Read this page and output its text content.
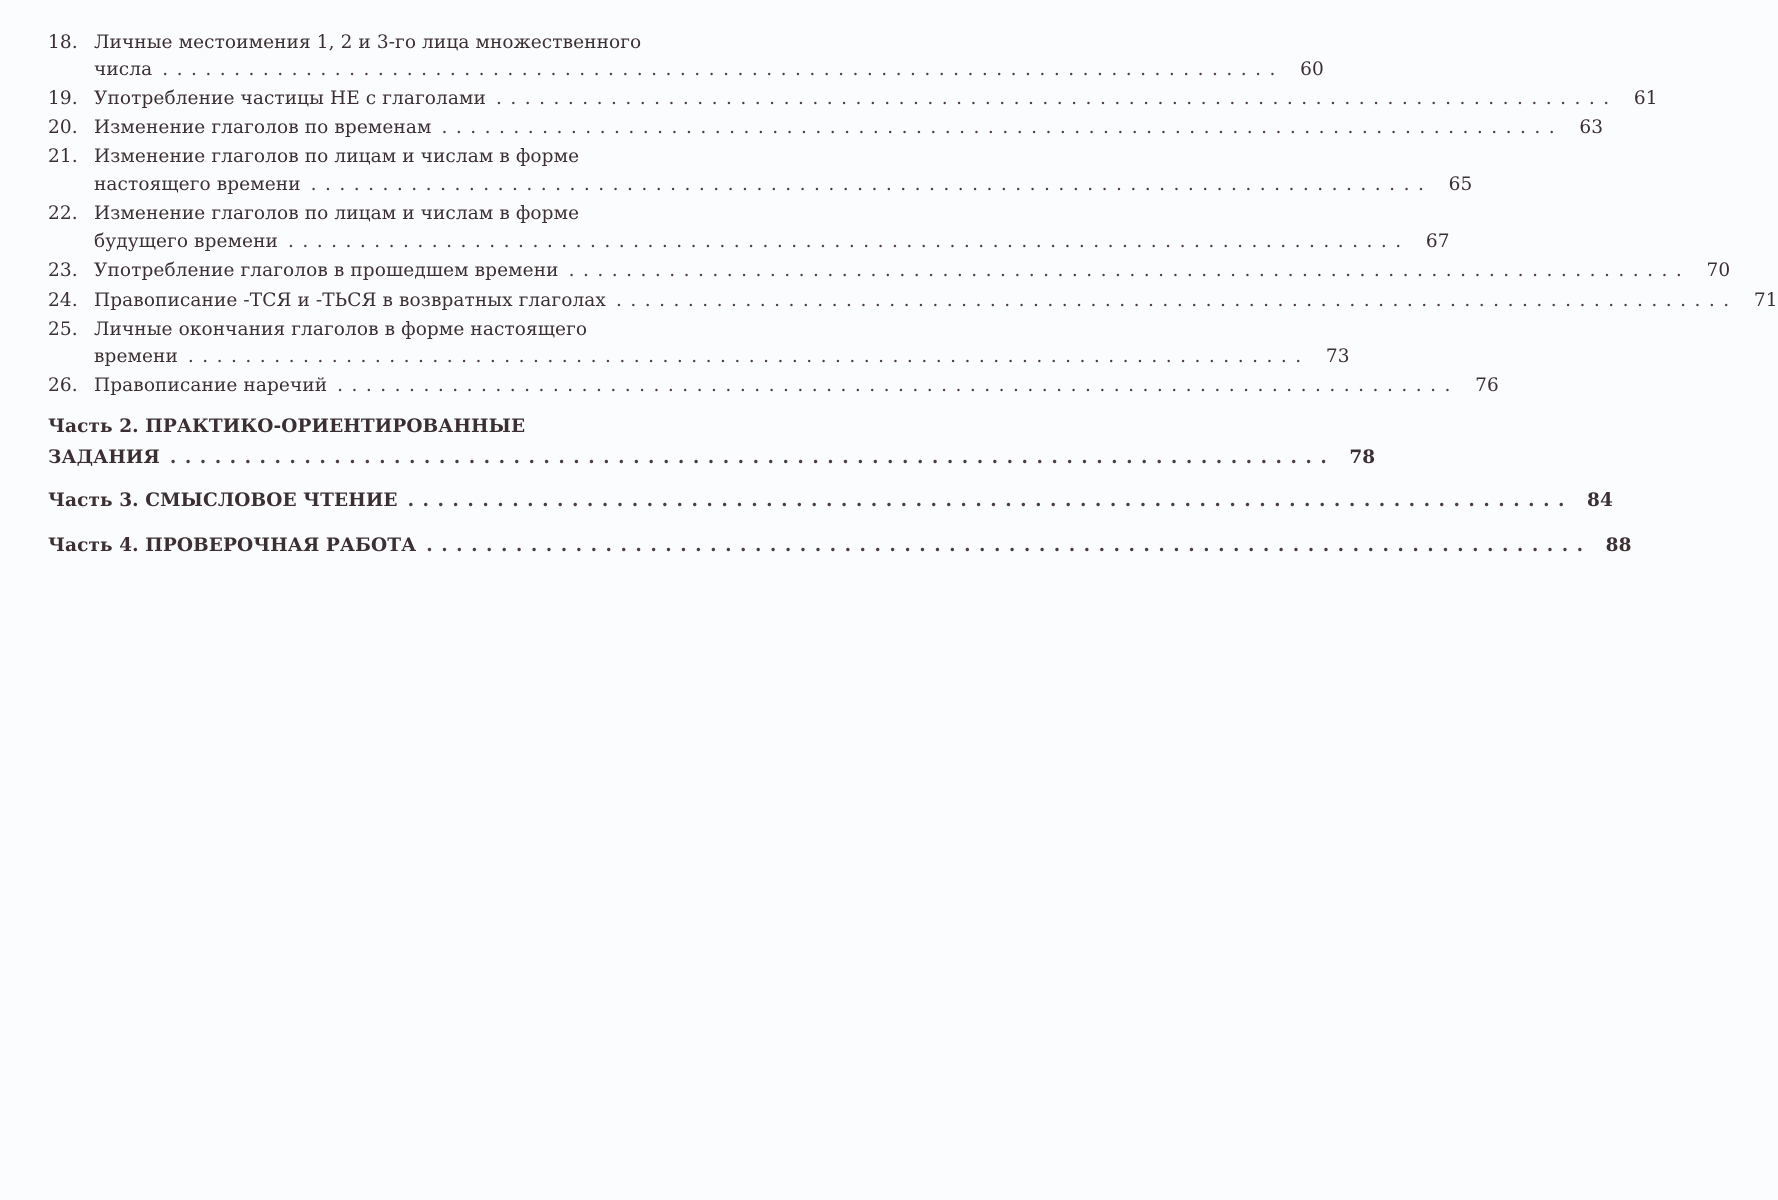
18. Личные местоимения 1, 2 и 3-го лица множественного
числа .............................................................................. 60
19. Употребление частицы НЕ с глаголами .............................................................................. 61
20. Изменение глаголов по временам .............................................................................. 63
21. Изменение глаголов по лицам и числам в форме
настоящего времени .............................................................................. 65
22. Изменение глаголов по лицам и числам в форме
будущего времени .............................................................................. 67
23. Употребление глаголов в прошедшем времени .............................................................................. 70
24. Правописание -ТСЯ и -ТЬСЯ в возвратных глаголах .............................................................................. 71
25. Личные окончания глаголов в форме настоящего
времени .............................................................................. 73
26. Правописание наречий .............................................................................. 76
Часть 2. ПРАКТИКО-ОРИЕНТИРОВАННЫЕ
ЗАДАНИЯ .............................................................................. 78
Часть 3. СМЫСЛОВОЕ ЧТЕНИЕ .............................................................................. 84
Часть 4. ПРОВЕРОЧНАЯ РАБОТА .............................................................................. 88
